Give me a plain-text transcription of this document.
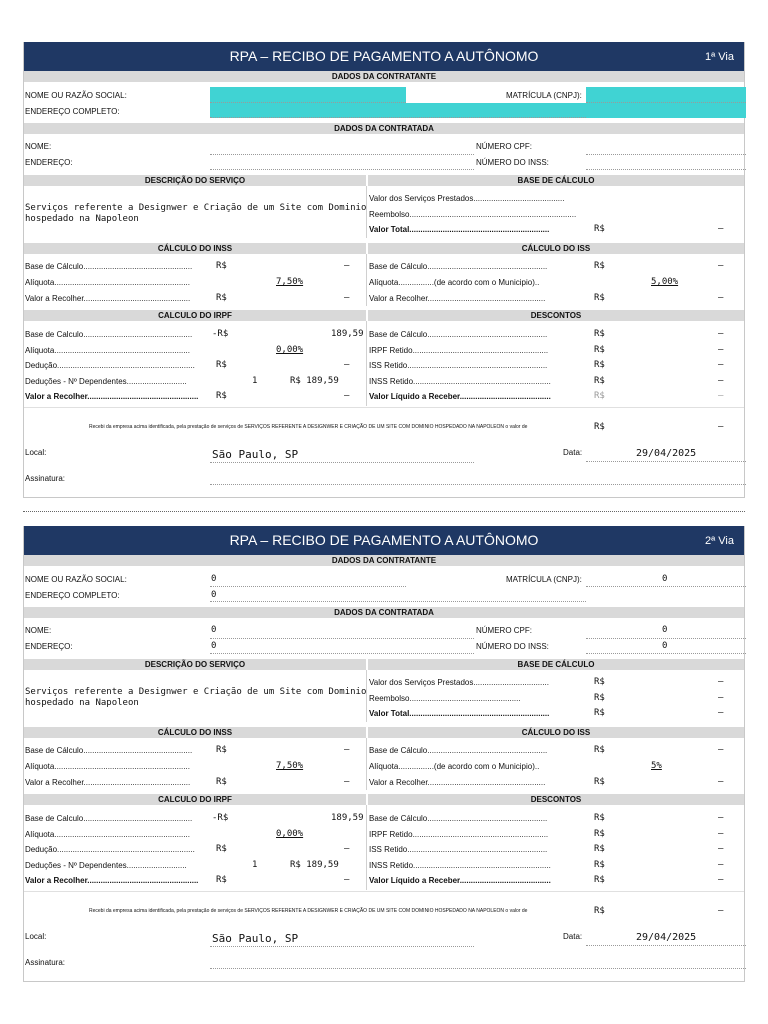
RPA – RECIBO DE PAGAMENTO A AUTÔNOMO	1ª Via
DADOS DA CONTRATANTE
NOME OU RAZÃO SOCIAL:	MATRÍCULA (CNPJ):
ENDEREÇO COMPLETO:
DADOS DA CONTRATADA
NOME:	NÚMERO CPF:
ENDEREÇO:	NÚMERO DO INSS:
DESCRIÇÃO DO SERVIÇO	BASE DE CÁLCULO
Serviços referente a Designwer e Criação de um Site com Dominio
hospedado na Napoleon
Valor dos Serviços Prestados.........................................
Reembolso...........................................................................
Valor Total...............................................................	R$	–
CÁLCULO DO INSS	CÁLCULO DO ISS
Base de Cálculo.................................................	R$	–
Alíquota.............................................................	7,50%
Valor a Recolher................................................	R$	–
Base de Cálculo......................................................	R$	–
Alíquota................(de acordo com o Municipio)..	5,00%
Valor a Recolher.....................................................	R$	–
CALCULO DO IRPF	DESCONTOS
Base de Calculo................................................. -R$	189,59
Alíquota.............................................................	0,00%
Dedução.............................................................. R$	–
Deduções - Nº Dependentes...........................	1	R$ 189,59
Valor a Recolher.................................................. R$	–
Base de Cálculo......................................................	R$	–
IRPF Retido.............................................................	R$	–
ISS Retido...............................................................	R$	–
INSS Retido..............................................................	R$	–
Valor Líquido a Receber.........................................	R$	–
Recebi da empresa acima identificada, pela prestação de serviços de SERVIÇOS REFERENTE A DESIGNWER E CRIAÇÃO DE UM SITE COM DOMINIO HOSPEDADO NA NAPOLEON o valor de	R$	–
Local:	São Paulo, SP	Data:	29/04/2025
Assinatura:
RPA – RECIBO DE PAGAMENTO A AUTÔNOMO	2ª Via
DADOS DA CONTRATANTE
NOME OU RAZÃO SOCIAL:	0	MATRÍCULA (CNPJ):	0
ENDEREÇO COMPLETO:	0
DADOS DA CONTRATADA
NOME:	0	NÚMERO CPF:	0
ENDEREÇO:	0	NÚMERO DO INSS:	0
DESCRIÇÃO DO SERVIÇO	BASE DE CÁLCULO
Serviços referente a Designwer e Criação de um Site com Dominio
hospedado na Napoleon
Valor dos Serviços Prestados..................................	R$	–
Reembolso..................................................	R$	–
Valor Total...............................................................	R$	–
CÁLCULO DO INSS	CÁLCULO DO ISS
Base de Cálculo.................................................	R$	–
Alíquota.............................................................	7,50%
Valor a Recolher................................................	R$	–
Base de Cálculo......................................................	R$	–
Alíquota................(de acordo com o Municipio)..	5%
Valor a Recolher.....................................................	R$	–
CALCULO DO IRPF	DESCONTOS
Base de Calculo................................................. -R$	189,59
Alíquota.............................................................	0,00%
Dedução.............................................................. R$	–
Deduções - Nº Dependentes...........................	1	R$ 189,59
Valor a Recolher.................................................. R$	–
Base de Cálculo......................................................	R$	–
IRPF Retido.............................................................	R$	–
ISS Retido...............................................................	R$	–
INSS Retido..............................................................	R$	–
Valor Líquido a Receber.........................................	R$	–
Recebi da empresa acima identificada, pela prestação de serviços de SERVIÇOS REFERENTE A DESIGNWER E CRIAÇÃO DE UM SITE COM DOMINIO HOSPEDADO NA NAPOLEON o valor de	R$	–
Local:	São Paulo, SP	Data:	29/04/2025
Assinatura:
